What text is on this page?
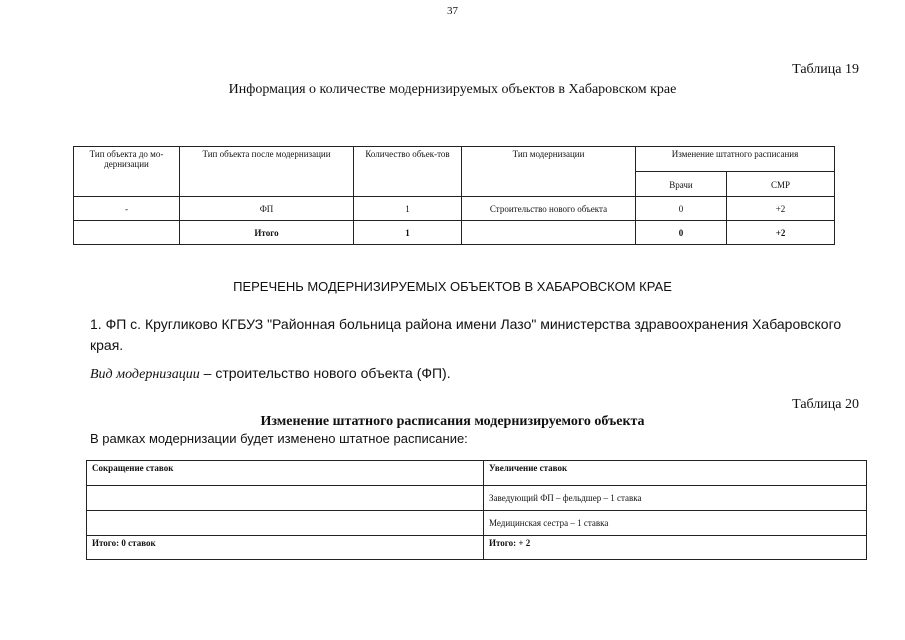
37
Таблица 19
Информация о количестве модернизируемых объектов в Хабаровском крае
Тип объекта до мо-дернизации	Тип объекта после модернизации	Количество объек-тов	Тип модернизации	Изменение штатного расписания	
				Врачи	СМР
-	ФП	1	Строительство нового объекта	0	+2
	Итого	1		0	+2
ПЕРЕЧЕНЬ МОДЕРНИЗИРУЕМЫХ ОБЪЕКТОВ В ХАБАРОВСКОМ КРАЕ
1. ФП с. Кругликово КГБУЗ "Районная больница района имени Лазо" министерства здравоохранения Хабаровского края.
Вид модернизации – строительство нового объекта (ФП).
Таблица 20
Изменение штатного расписания модернизируемого объекта
В рамках модернизации будет изменено штатное расписание:
Сокращение ставок	Увеличение ставок
	Заведующий ФП – фельдшер – 1 ставка
	Медицинская сестра – 1 ставка
Итого: 0 ставок	Итого: + 2
